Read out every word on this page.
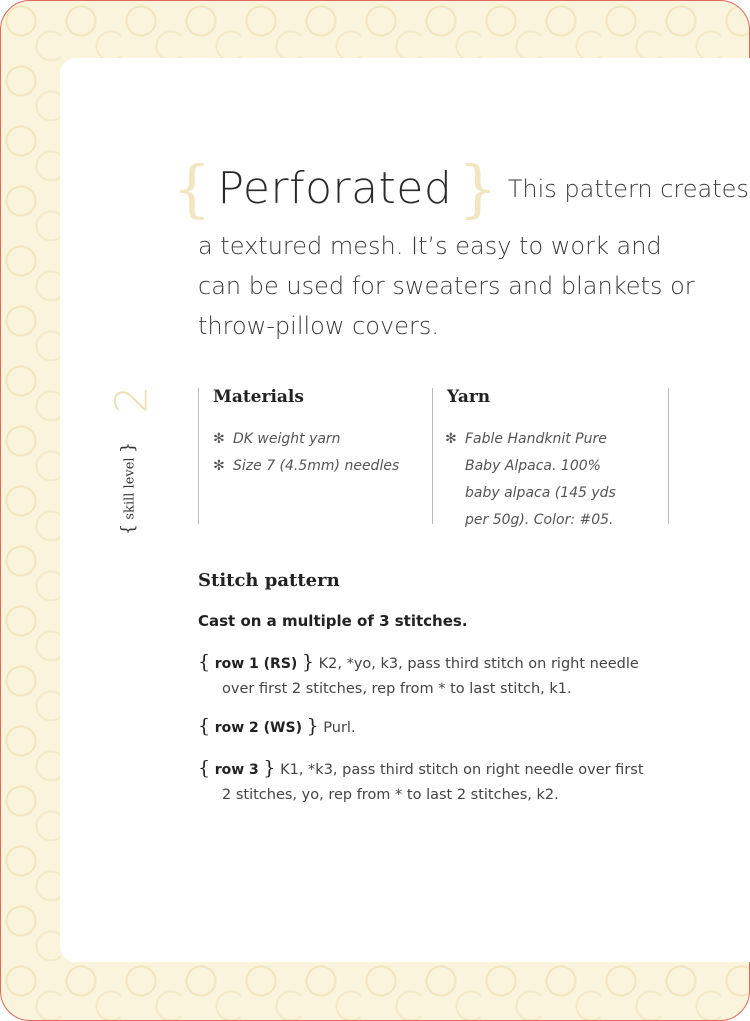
{ Perforated} This pattern creates
a textured mesh. It’s easy to work and
can be used for sweaters and blankets or
throw-pillow covers.
2
{ skill level }
Materials
✻ DK weight yarn
✻ Size 7 (4.5mm) needles
Yarn
✻ Fable Handknit Pure
Baby Alpaca. 100%
baby alpaca (145 yds
per 50g). Color: #05.
Stitch pattern
Cast on a multiple of 3 stitches.
{ row 1 (RS) } K2, *yo, k3, pass third stitch on right needle
over first 2 stitches, rep from * to last stitch, k1.
{ row 2 (WS) } Purl.
{ row 3 } K1, *k3, pass third stitch on right needle over first
2 stitches, yo, rep from * to last 2 stitches, k2.
